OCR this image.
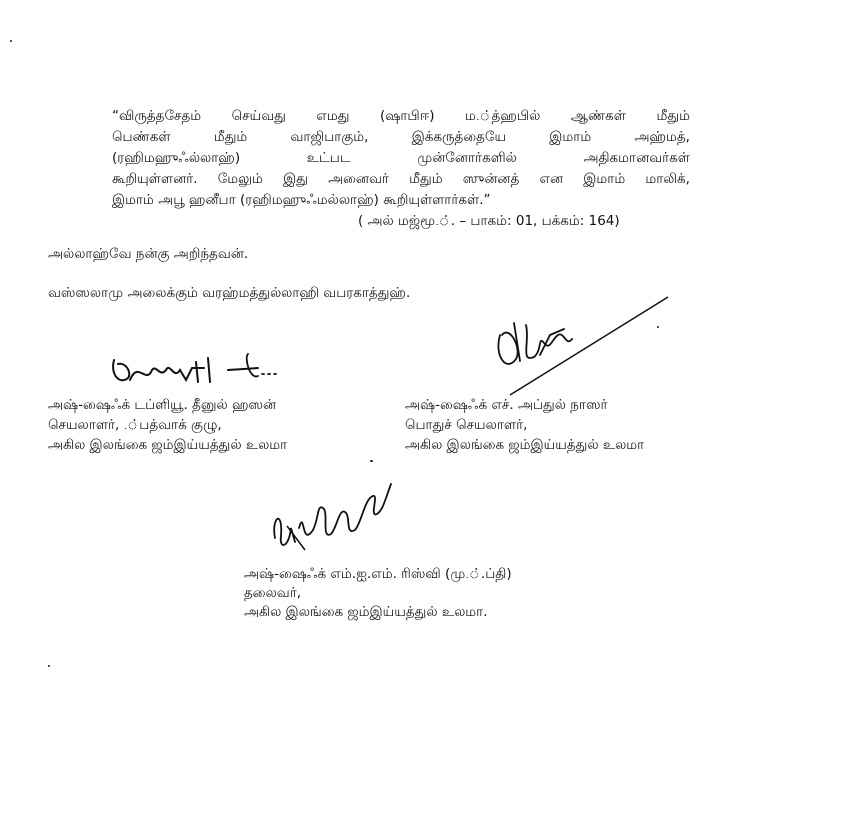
“விருத்தசேதம் செய்வது எமது (ஷாபிஈ) ம.்த்ஹபில் ஆண்கள் மீதும்
பெண்கள்	மீதும்	வாஜிபாகும்,	இக்கருத்தையே	இமாம்	அஹ்மத்,
(ரஹிமஹுஃல்லாஹ்)	உட்பட	முன்னோர்களில்	அதிகமானவர்கள்
கூறியுள்ளனர். மேலும் இது அனைவர் மீதும் ஸுன்னத் என இமாம் மாலிக்,
இமாம் அபூ ஹனீபா (ரஹிமஹுஃமல்லாஹ்) கூறியுள்ளார்கள்.”
( அல் மஜ்மூ.். – பாகம்: 01, பக்கம்: 164)
அல்லாஹ்வே நன்கு அறிந்தவன்.
வஸ்ஸலாமு அலைக்கும் வரஹ்மத்துல்லாஹி வபரகாத்துஹ்.
அஷ்-ஷைஃக் டப்ளியூ. தீனுல் ஹஸன்
செயலாளர், .்பத்வாக் குழு,
அகில இலங்கை ஜம்இய்யத்துல் உலமா
அஷ்-ஷைஃக் எச். அப்துல் நாஸர்
பொதுச் செயலாளர்,
அகில இலங்கை ஜம்இய்யத்துல் உலமா
அஷ்-ஷைஃக் எம்.ஐ.எம். ரிஸ்வி (மு.்.ப்தி)
தலைவர்,
அகில இலங்கை ஜம்இய்யத்துல் உலமா.
